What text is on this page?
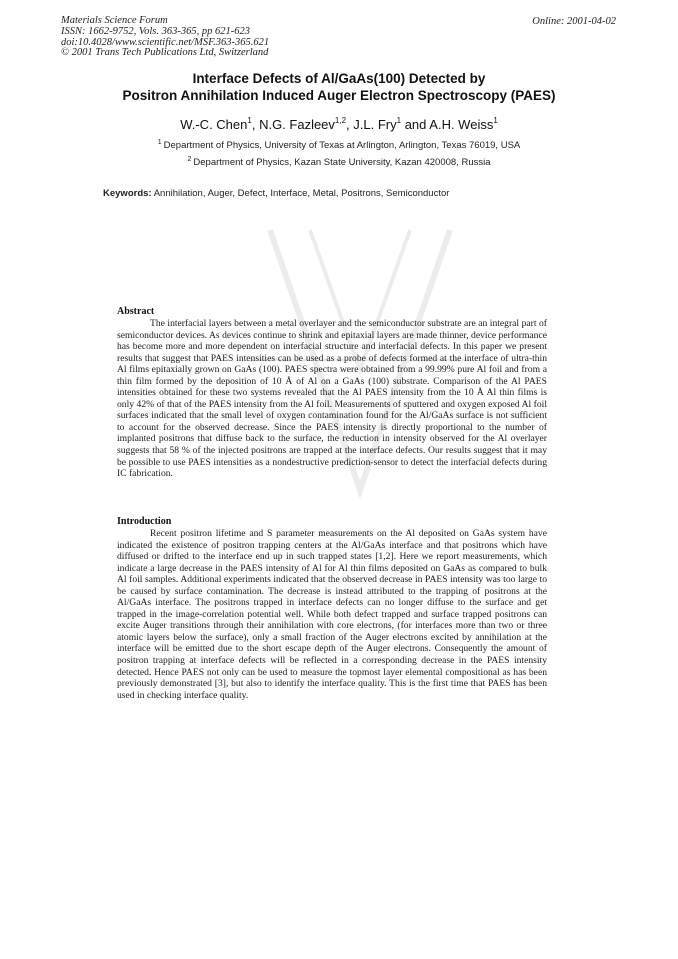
Materials Science Forum
ISSN: 1662-9752, Vols. 363-365, pp 621-623
doi:10.4028/www.scientific.net/MSF.363-365.621
© 2001 Trans Tech Publications Ltd, Switzerland
Online: 2001-04-02
Interface Defects of Al/GaAs(100) Detected by
Positron Annihilation Induced Auger Electron Spectroscopy (PAES)
W.-C. Chen$^1$, N.G. Fazleev$^{1,2}$, J.L. Fry$^1$ and A.H. Weiss$^1$
$^1$ Department of Physics, University of Texas at Arlington, Arlington, Texas 76019, USA
$^2$ Department of Physics, Kazan State University, Kazan 420008, Russia
Keywords: Annihilation, Auger, Defect, Interface, Metal, Positrons, Semiconductor
Abstract
The interfacial layers between a metal overlayer and the semiconductor substrate are an integral part of semiconductor devices. As devices continue to shrink and epitaxial layers are made thinner, device performance has become more and more dependent on interfacial structure and interfacial defects. In this paper we present results that suggest that PAES intensities can be used as a probe of defects formed at the interface of ultra-thin Al films epitaxially grown on GaAs (100). PAES spectra were obtained from a 99.99% pure Al foil and from a thin film formed by the deposition of 10 Å of Al on a GaAs (100) substrate. Comparison of the Al PAES intensities obtained for these two systems revealed that the Al PAES intensity from the 10 Å Al thin films is only 42% of that of the PAES intensity from the Al foil. Measurements of sputtered and oxygen exposed Al foil surfaces indicated that the small level of oxygen contamination found for the Al/GaAs surface is not sufficient to account for the observed decrease. Since the PAES intensity is directly proportional to the number of implanted positrons that diffuse back to the surface, the reduction in intensity observed for the Al overlayer suggests that 58 % of the injected positrons are trapped at the interface defects. Our results suggest that it may be possible to use PAES intensities as a nondestructive prediction-sensor to detect the interfacial defects during IC fabrication.
Introduction
Recent positron lifetime and S parameter measurements on the Al deposited on GaAs system have indicated the existence of positron trapping centers at the Al/GaAs interface and that positrons which have diffused or drifted to the interface end up in such trapped states [1,2]. Here we report measurements, which indicate a large decrease in the PAES intensity of Al for Al thin films deposited on GaAs as compared to bulk Al foil samples. Additional experiments indicated that the observed decrease in PAES intensity was too large to be caused by surface contamination. The decrease is instead attributed to the trapping of positrons at the Al/GaAs interface. The positrons trapped in interface defects can no longer diffuse to the surface and get trapped in the image-correlation potential well. While both defect trapped and surface trapped positrons can excite Auger transitions through their annihilation with core electrons, (for interfaces more than two or three atomic layers below the surface), only a small fraction of the Auger electrons excited by annihilation at the interface will be emitted due to the short escape depth of the Auger electrons. Consequently the amount of positron trapping at interface defects will be reflected in a corresponding decrease in the PAES intensity detected. Hence PAES not only can be used to measure the topmost layer elemental compositional as has been previously demonstrated [3], but also to identify the interface quality. This is the first time that PAES has been used in checking interface quality.
